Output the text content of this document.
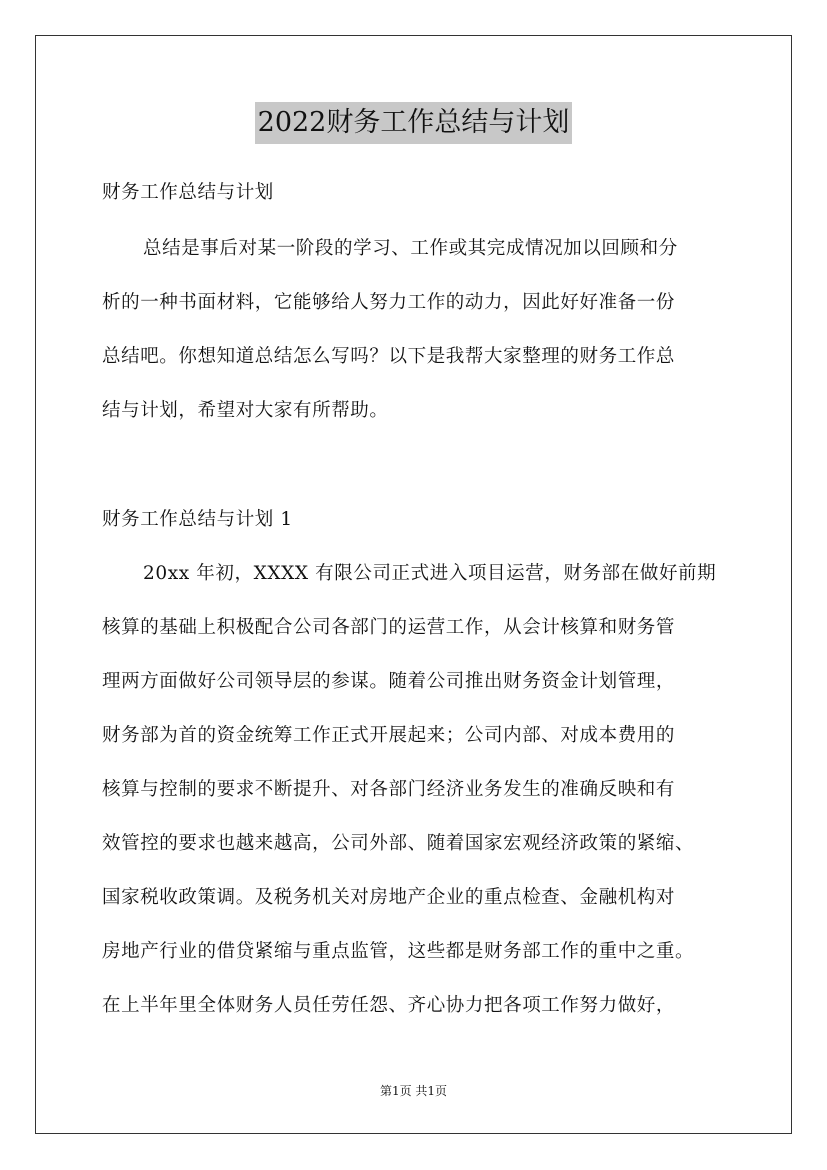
2022财务工作总结与计划
财务工作总结与计划
总结是事后对某一阶段的学习、工作或其完成情况加以回顾和分
析的一种书面材料，它能够给人努力工作的动力，因此好好准备一份
总结吧。你想知道总结怎么写吗？以下是我帮大家整理的财务工作总
结与计划，希望对大家有所帮助。
财务工作总结与计划 1
20xx 年初，XXXX 有限公司正式进入项目运营，财务部在做好前期
核算的基础上积极配合公司各部门的运营工作，从会计核算和财务管
理两方面做好公司领导层的参谋。随着公司推出财务资金计划管理，
财务部为首的资金统筹工作正式开展起来；公司内部、对成本费用的
核算与控制的要求不断提升、对各部门经济业务发生的准确反映和有
效管控的要求也越来越高，公司外部、随着国家宏观经济政策的紧缩、
国家税收政策调。及税务机关对房地产企业的重点检查、金融机构对
房地产行业的借贷紧缩与重点监管，这些都是财务部工作的重中之重。
在上半年里全体财务人员任劳任怨、齐心协力把各项工作努力做好，
第1页 共1页
